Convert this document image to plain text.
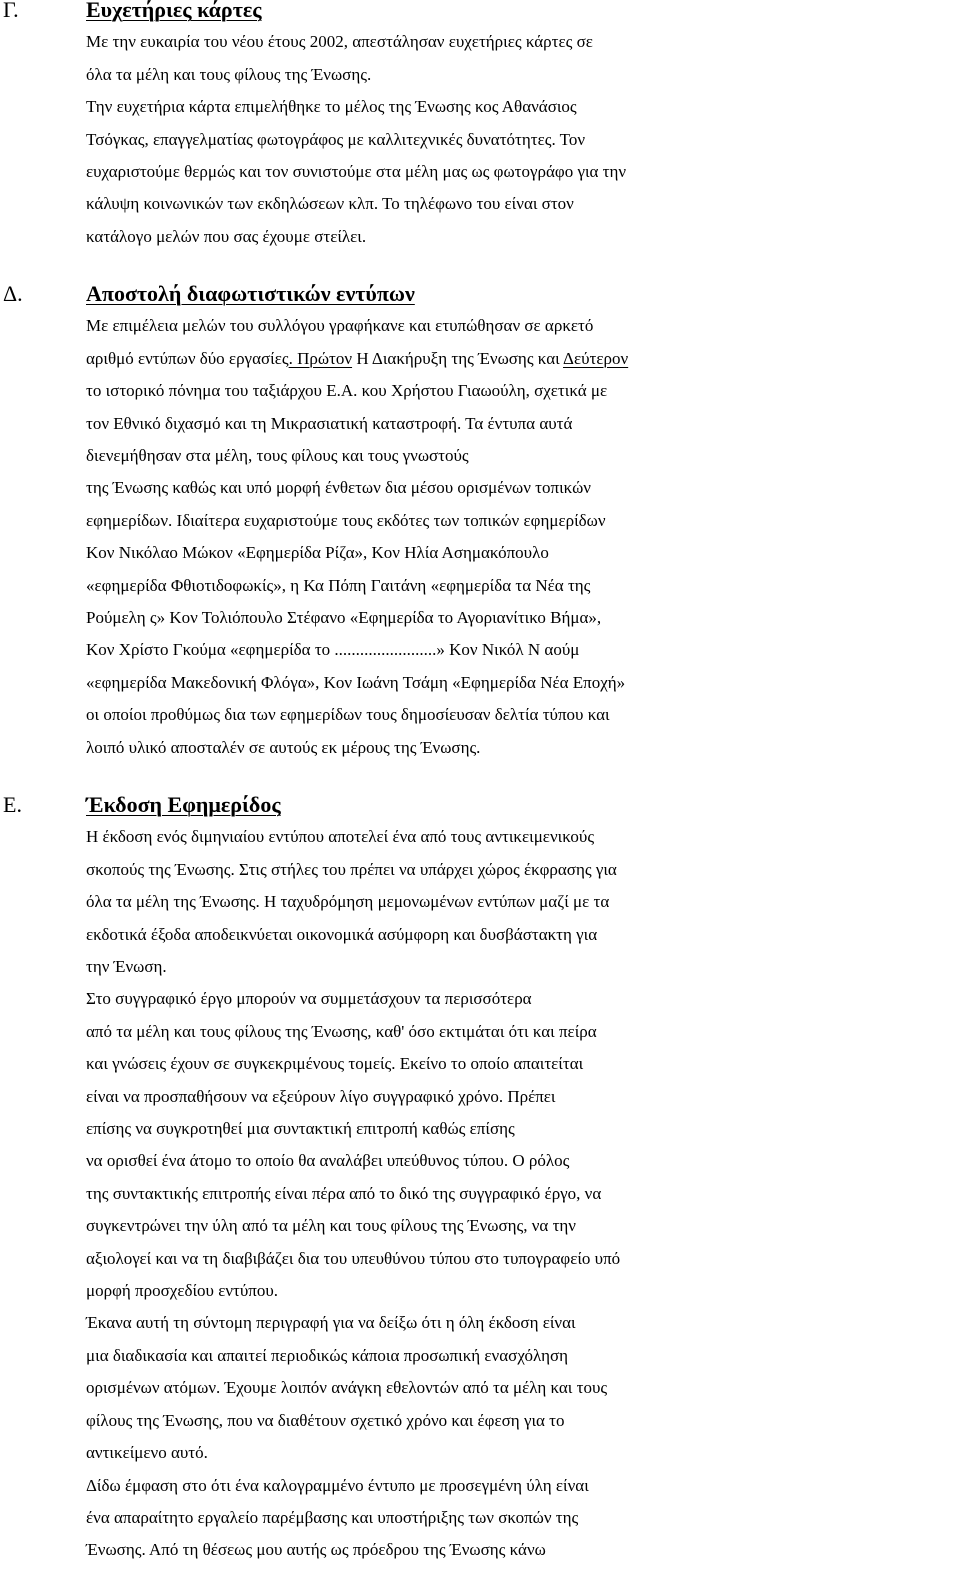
Γ.	Ευχετήριες κάρτες
Με την ευκαιρία του νέου έτους 2002, απεστάλησαν ευχετήριες κάρτες σε
όλα τα μέλη και τους φίλους της Ένωσης.
Την ευχετήρια κάρτα επιμελήθηκε το μέλος της Ένωσης κος Αθανάσιος
Τσόγκας, επαγγελματίας φωτογράφος με καλλιτεχνικές δυνατότητες. Τον
ευχαριστούμε θερμώς και τον συνιστούμε στα μέλη μας ως φωτογράφο για την
κάλυψη κοινωνικών των εκδηλώσεων κλπ. Το τηλέφωνο του είναι στον
κατάλογο μελών που σας έχουμε στείλει.
Δ.	Αποστολή διαφωτιστικών εντύπων
Με επιμέλεια μελών του συλλόγου γραφήκανε και ετυπώθησαν σε αρκετό
αριθμό εντύπων δύο εργασίες. Πρώτον Η Διακήρυξη της Ένωσης και Δεύτερον
το ιστορικό πόνημα του ταξιάρχου Ε.Α. κου Χρήστου Γιαωούλη, σχετικά με
τον Εθνικό διχασμό και τη Μικρασιατική καταστροφή. Τα έντυπα αυτά
διενεμήθησαν στα μέλη, τους φίλους και τους γνωστούς
της Ένωσης καθώς και υπό μορφή ένθετων δια μέσου ορισμένων τοπικών
εφημερίδων. Ιδιαίτερα ευχαριστούμε τους εκδότες των τοπικών εφημερίδων
Κον Νικόλαο Μώκον «Εφημερίδα Ρίζα», Κον Ηλία Ασημακόπουλο
«εφημερίδα Φθιοτιδοφωκίς», η Κα Πόπη Γαιτάνη «εφημερίδα τα Νέα της
Ρούμελη ς» Κον Τολιόπουλο Στέφανο «Εφημερίδα το Αγοριανίτικο Βήμα»,
Κον Χρίστο Γκούμα «εφημερίδα το ........................» Κον Νικόλ Ν αούμ
«εφημερίδα Μακεδονική Φλόγα», Κον Ιωάνη Τσάμη «Εφημερίδα Νέα Εποχή»
οι οποίοι προθύμως δια των εφημερίδων τους δημοσίευσαν δελτία τύπου και
λοιπό υλικό αποσταλέν σε αυτούς εκ μέρους της Ένωσης.
Ε.	Έκδοση Εφημερίδος
Η έκδοση ενός διμηνιαίου εντύπου αποτελεί ένα από τους αντικειμενικούς
σκοπούς της Ένωσης. Στις στήλες του πρέπει να υπάρχει χώρος έκφρασης για
όλα τα μέλη της Ένωσης. Η ταχυδρόμηση μεμονωμένων εντύπων μαζί με τα
εκδοτικά έξοδα αποδεικνύεται οικονομικά ασύμφορη και δυσβάστακτη για
την Ένωση.
Στο συγγραφικό έργο μπορούν να συμμετάσχουν τα περισσότερα
από τα μέλη και τους φίλους της Ένωσης, καθ' όσο εκτιμάται ότι και πείρα
και γνώσεις έχουν σε συγκεκριμένους τομείς. Εκείνο το οποίο απαιτείται
είναι να προσπαθήσουν να εξεύρουν λίγο συγγραφικό χρόνο. Πρέπει
επίσης να συγκροτηθεί μια συντακτική επιτροπή καθώς επίσης
να ορισθεί ένα άτομο το οποίο θα αναλάβει υπεύθυνος τύπου. Ο ρόλος
της συντακτικής επιτροπής είναι πέρα από το δικό της συγγραφικό έργο, να
συγκεντρώνει την ύλη από τα μέλη και τους φίλους της Ένωσης, να την
αξιολογεί και να τη διαβιβάζει δια του υπευθύνου τύπου στο τυπογραφείο υπό
μορφή προσχεδίου εντύπου.
Έκανα αυτή τη σύντομη περιγραφή για να δείξω ότι η όλη έκδοση είναι
μια διαδικασία και απαιτεί περιοδικώς κάποια προσωπική ενασχόληση
ορισμένων ατόμων. Έχουμε λοιπόν ανάγκη εθελοντών από τα μέλη και τους
φίλους της Ένωσης, που να διαθέτουν σχετικό χρόνο και έφεση για το
αντικείμενο αυτό.
Δίδω έμφαση στο ότι ένα καλογραμμένο έντυπο με προσεγμένη ύλη είναι
ένα απαραίτητο εργαλείο παρέμβασης και υποστήριξης των σκοπών της
Ένωσης. Από τη θέσεως μου αυτής ως πρόεδρου της Ένωσης κάνω
